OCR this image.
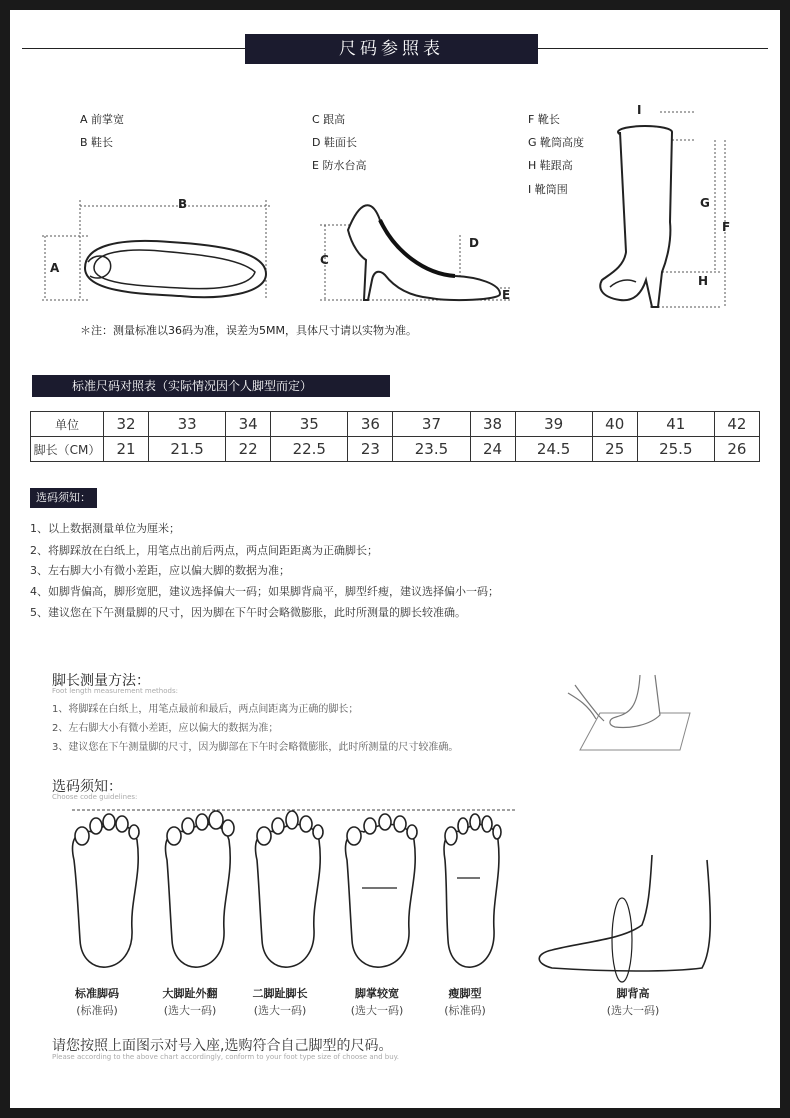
尺码参照表
A 前掌宽
B 鞋长
C 跟高
D 鞋面长
E 防水台高
F 靴长
G 靴筒高度
H 鞋跟高
I 靴筒围
A
B
C
D
E
I
G
F
H
＊注：测量标准以36码为准，误差为5MM，具体尺寸请以实物为准。
标准尺码对照表（实际情况因个人脚型而定）
单位	32	33	34	35	36	37	38	39	40	41	42
脚长（CM）	21	21.5	22	22.5	23	23.5	24	24.5	25	25.5	26
选码须知：
1、以上数据测量单位为厘米；
2、将脚踩放在白纸上，用笔点出前后两点，两点间距距离为正确脚长；
3、左右脚大小有微小差距，应以偏大脚的数据为准；
4、如脚背偏高，脚形宽肥，建议选择偏大一码；如果脚背扁平，脚型纤瘦，建议选择偏小一码；
5、建议您在下午测量脚的尺寸，因为脚在下午时会略微膨胀，此时所测量的脚长较准确。
脚长测量方法：
Foot length measurement methods:
1、将脚踩在白纸上，用笔点最前和最后，两点间距离为正确的脚长；
2、左右脚大小有微小差距，应以偏大的数据为准；
3、建议您在下午测量脚的尺寸，因为脚部在下午时会略微膨胀，此时所测量的尺寸较准确。
选码须知：
Choose code guidelines:
标准脚码
(标准码)
大脚趾外翻
(选大一码)
二脚趾脚长
(选大一码)
脚掌较宽
(选大一码)
瘦脚型
(标准码)
脚背高
(选大一码)
请您按照上面图示对号入座,选购符合自己脚型的尺码。
Please according to the above chart accordingly, conform to your foot type size of choose and buy.
